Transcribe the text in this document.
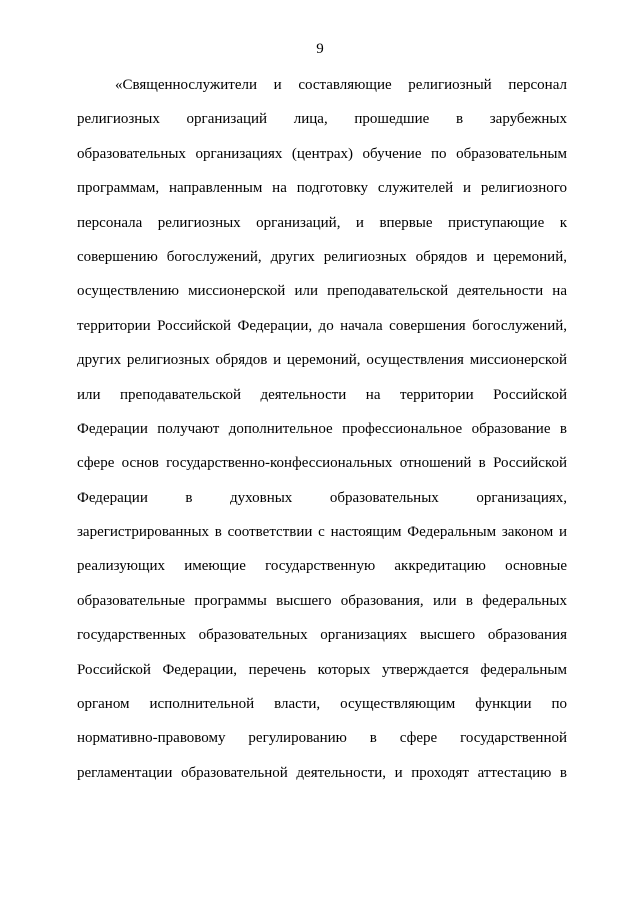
9
«Священнослужители и составляющие религиозный персонал
религиозных организаций лица, прошедшие в зарубежных
образовательных организациях (центрах) обучение по образовательным
программам, направленным на подготовку служителей и религиозного
персонала религиозных организаций, и впервые приступающие к
совершению богослужений, других религиозных обрядов и церемоний,
осуществлению миссионерской или преподавательской деятельности на
территории Российской Федерации, до начала совершения богослужений,
других религиозных обрядов и церемоний, осуществления миссионерской
или преподавательской деятельности на территории Российской
Федерации получают дополнительное профессиональное образование в
сфере основ государственно-конфессиональных отношений в Российской
Федерации в духовных образовательных организациях,
зарегистрированных в соответствии с настоящим Федеральным законом и
реализующих имеющие государственную аккредитацию основные
образовательные программы высшего образования, или в федеральных
государственных образовательных организациях высшего образования
Российской Федерации, перечень которых утверждается федеральным
органом исполнительной власти, осуществляющим функции по
нормативно-правовому регулированию в сфере государственной
регламентации образовательной деятельности, и проходят аттестацию в
